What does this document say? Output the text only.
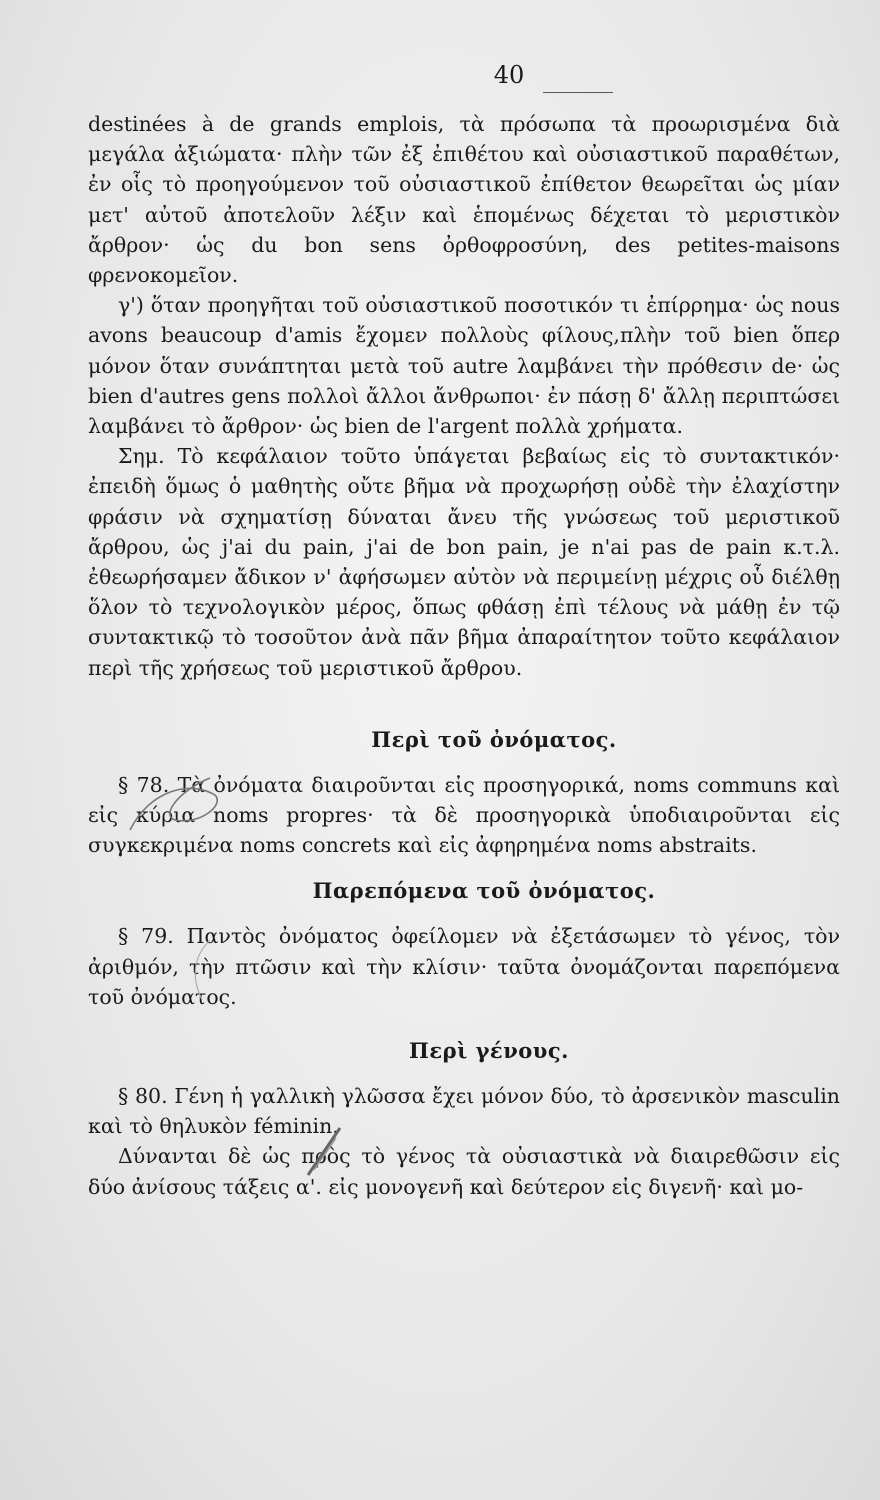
40

destinées à de grands emplois, τὰ πρόσωπα τὰ προωρισμένα διὰ μεγάλα ἀξιώματα· πλὴν τῶν ἐξ ἐπιθέτου καὶ οὐσιαστικοῦ παραθέτων, ἐν οἷς τὸ προηγούμενον τοῦ οὐσιαστικοῦ ἐπίθετον θεωρεῖται ὡς μίαν μετ' αὐτοῦ ἀποτελοῦν λέξιν καὶ ἑπομένως δέχεται τὸ μεριστικὸν ἄρθρον· ὡς du bon sens ὀρθοφροσύνη, des petites-maisons φρενοκομεῖον.

γ') ὅταν προηγῆται τοῦ οὐσιαστικοῦ ποσοτικόν τι ἐπίρρημα· ὡς nous avons beaucoup d'amis ἔχομεν πολλοὺς φίλους,πλὴν τοῦ bien ὅπερ μόνον ὅταν συνάπτηται μετὰ τοῦ autre λαμβάνει τὴν πρόθεσιν de· ὡς bien d'autres gens πολλοὶ ἄλλοι ἄνθρωποι· ἐν πάσῃ δ' ἄλλῃ περιπτώσει λαμβάνει τὸ ἄρθρον· ὡς bien de l'argent πολλὰ χρήματα.

Σημ. Τὸ κεφάλαιον τοῦτο ὑπάγεται βεβαίως εἰς τὸ συντακτικόν· ἐπειδὴ ὅμως ὁ μαθητὴς οὔτε βῆμα νὰ προχωρήσῃ οὐδὲ τὴν ἐλαχίστην φράσιν νὰ σχηματίσῃ δύναται ἄνευ τῆς γνώσεως τοῦ μεριστικοῦ ἄρθρου, ὡς j'ai du pain, j'ai de bon pain, je n'ai pas de pain κ.τ.λ. ἐθεωρήσαμεν ἄδικον ν' ἀφήσωμεν αὐτὸν νὰ περιμείνῃ μέχρις οὗ διέλθῃ ὅλον τὸ τεχνολογικὸν μέρος, ὅπως φθάσῃ ἐπὶ τέλους νὰ μάθῃ ἐν τῷ συντακτικῷ τὸ τοσοῦτον ἀνὰ πᾶν βῆμα ἀπαραίτητον τοῦτο κεφάλαιον περὶ τῆς χρήσεως τοῦ μεριστικοῦ ἄρθρου.

Περὶ τοῦ ὀνόματος.

§ 78. Τὰ ὀνόματα διαιροῦνται εἰς προσηγορικά, noms communs καὶ εἰς κύρια noms propres· τὰ δὲ προσηγορικὰ ὑποδιαιροῦνται εἰς συγκεκριμένα noms concrets καὶ εἰς ἀφηρημένα noms abstraits.

Παρεπόμενα τοῦ ὀνόματος.

§ 79. Παντὸς ὀνόματος ὀφείλομεν νὰ ἐξετάσωμεν τὸ γένος, τὸν ἀριθμόν, τὴν πτῶσιν καὶ τὴν κλίσιν· ταῦτα ὀνομάζονται παρεπόμενα τοῦ ὀνόματος.

Περὶ γένους.

§ 80. Γένη ἡ γαλλικὴ γλῶσσα ἔχει μόνον δύο, τὸ ἀρσενικὸν masculin καὶ τὸ θηλυκὸν féminin.

Δύνανται δὲ ὡς πρὸς τὸ γένος τὰ οὐσιαστικὰ νὰ διαιρεθῶσιν εἰς δύο ἀνίσους τάξεις α'. εἰς μονογενῆ καὶ δεύτερον εἰς διγενῆ· καὶ μο-
